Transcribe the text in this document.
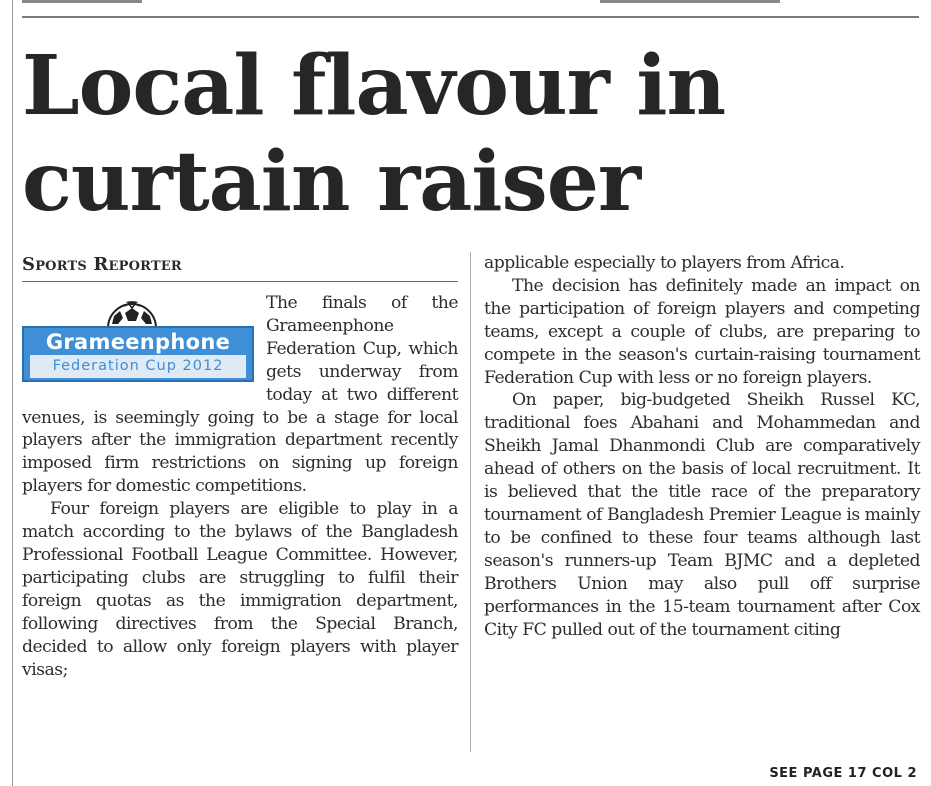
Local flavour in
curtain raiser
Sports Reporter
Grameenphone
Federation Cup 2012

The finals of the Grameenphone Federation Cup, which gets underway from today at two different venues, is seemingly going to be a stage for local players after the immigration department recently imposed firm restrictions on signing up foreign players for domestic competitions.

Four foreign players are eligible to play in a match according to the bylaws of the Bangladesh Professional Football League Committee. However, participating clubs are struggling to fulfil their foreign quotas as the immigration department, following directives from the Special Branch, decided to allow only foreign players with player visas;

applicable especially to players from Africa.

The decision has definitely made an impact on the participation of foreign players and competing teams, except a couple of clubs, are preparing to compete in the season's curtain-raising tournament Federation Cup with less or no foreign players.

On paper, big-budgeted Sheikh Russel KC, traditional foes Abahani and Mohammedan and Sheikh Jamal Dhanmondi Club are comparatively ahead of others on the basis of local recruitment. It is believed that the title race of the preparatory tournament of Bangladesh Premier League is mainly to be confined to these four teams although last season's runners-up Team BJMC and a depleted Brothers Union may also pull off surprise performances in the 15-team tournament after Cox City FC pulled out of the tournament citing

SEE PAGE 17 COL 2
